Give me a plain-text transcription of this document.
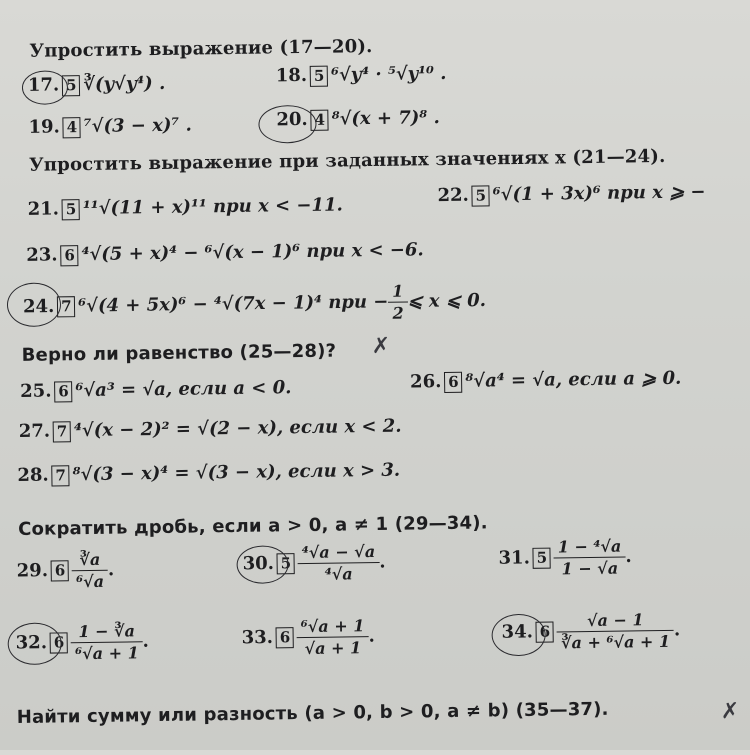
Упростить выражение (17—20).
17. 5 ∛(y√y⁴) .	18. 5 ⁶√y⁴ · ⁵√y¹⁰ .
19. 4 ⁷√(3 − x)⁷ .	20. 4 ⁸√(x + 7)⁸ .
Упростить выражение при заданных значениях x (21—24).
21. 5 ¹¹√(11 + x)¹¹ при x < −11.	22. 5 ⁶√(1 + 3x)⁶ при x ⩾ −
23. 6 ⁴√(5 + x)⁴ − ⁶√(x − 1)⁶ при x < −6.
24. 7 ⁶√(4 + 5x)⁶ − ⁴√(7x − 1)⁴ при − $\frac{1}{2}$ ⩽ x ⩽ 0.
Верно ли равенство (25—28)?
25. 6 ⁶√a³ = √a, если a < 0.	26. 6 ⁸√a⁴ = √a, если a ⩾ 0.
27. 7 ⁴√(x − 2)² = √(2 − x), если x < 2.
28. 7 ⁸√(3 − x)⁴ = √(3 − x), если x > 3.
Сократить дробь, если a > 0, a ≠ 1 (29—34).
29. $6 \frac{∛a}{\text{⁶√a}}$ .	30. $5 \frac{\text{⁴√a − √a}}{\text{⁴√a}}$ .	31. $5 \frac{\text{1 − ⁴√a}}{1 - √a}$ .
32. $6 \frac{1 - ∛a}{\text{⁶√a + 1}}$ .	33. $6 \frac{\text{⁶√a + 1}}{√a + 1}$ .	34. $6 \frac{√a - 1}{\text{∛a + ⁶√a + 1}}$ .
Найти сумму или разность (a > 0, b > 0, a ≠ b) (35—37).
✗
✗
